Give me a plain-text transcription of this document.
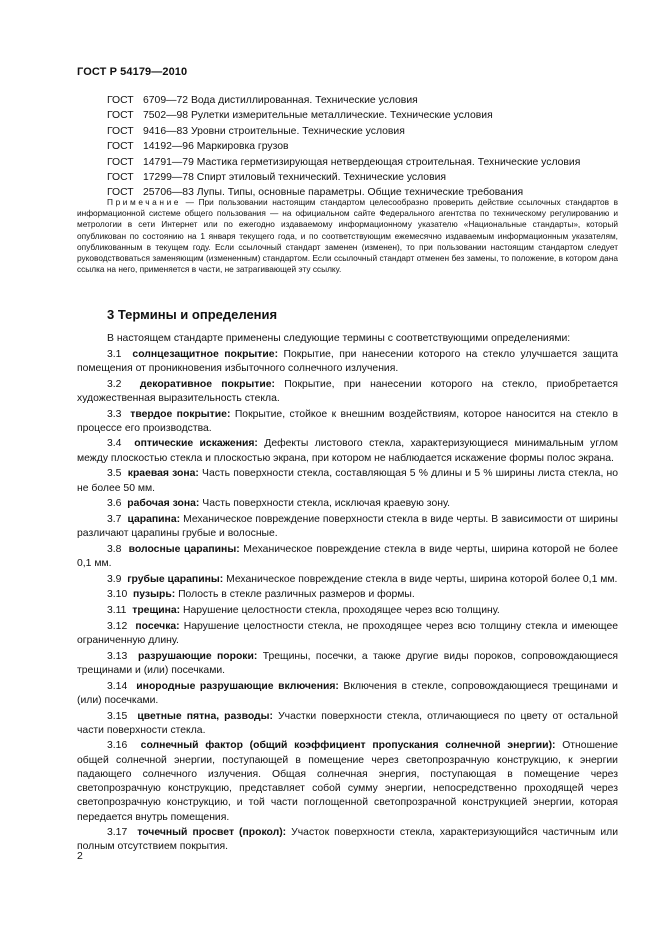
ГОСТ Р 54179—2010
ГОСТ 6709—72 Вода дистиллированная. Технические условия
ГОСТ 7502—98 Рулетки измерительные металлические. Технические условия
ГОСТ 9416—83 Уровни строительные. Технические условия
ГОСТ 14192—96 Маркировка грузов
ГОСТ 14791—79 Мастика герметизирующая нетвердеющая строительная. Технические условия
ГОСТ 17299—78 Спирт этиловый технический. Технические условия
ГОСТ 25706—83 Лупы. Типы, основные параметры. Общие технические требования
Примечание — При пользовании настоящим стандартом целесообразно проверить действие ссылочных стандартов в информационной системе общего пользования — на официальном сайте Федерального агентства по техническому регулированию и метрологии в сети Интернет или по ежегодно издаваемому информационному указателю «Национальные стандарты», который опубликован по состоянию на 1 января текущего года, и по соответствующим ежемесячно издаваемым информационным указателям, опубликованным в текущем году. Если ссылочный стандарт заменен (изменен), то при пользовании настоящим стандартом следует руководствоваться заменяющим (измененным) стандартом. Если ссылочный стандарт отменен без замены, то положение, в котором дана ссылка на него, применяется в части, не затрагивающей эту ссылку.
3 Термины и определения

В настоящем стандарте применены следующие термины с соответствующими определениями:

3.1 солнцезащитное покрытие: Покрытие, при нанесении которого на стекло улучшается защита помещения от проникновения избыточного солнечного излучения.

3.2 декоративное покрытие: Покрытие, при нанесении которого на стекло, приобретается художественная выразительность стекла.

3.3 твердое покрытие: Покрытие, стойкое к внешним воздействиям, которое наносится на стекло в процессе его производства.

3.4 оптические искажения: Дефекты листового стекла, характеризующиеся минимальным углом между плоскостью стекла и плоскостью экрана, при котором не наблюдается искажение формы полос экрана.

3.5 краевая зона: Часть поверхности стекла, составляющая 5 % длины и 5 % ширины листа стекла, но не более 50 мм.

3.6 рабочая зона: Часть поверхности стекла, исключая краевую зону.

3.7 царапина: Механическое повреждение поверхности стекла в виде черты. В зависимости от ширины различают царапины грубые и волосные.

3.8 волосные царапины: Механическое повреждение стекла в виде черты, ширина которой не более 0,1 мм.

3.9 грубые царапины: Механическое повреждение стекла в виде черты, ширина которой более 0,1 мм.

3.10 пузырь: Полость в стекле различных размеров и формы.

3.11 трещина: Нарушение целостности стекла, проходящее через всю толщину.

3.12 посечка: Нарушение целостности стекла, не проходящее через всю толщину стекла и имеющее ограниченную длину.

3.13 разрушающие пороки: Трещины, посечки, а также другие виды пороков, сопровождающиеся трещинами и (или) посечками.

3.14 инородные разрушающие включения: Включения в стекле, сопровождающиеся трещинами и (или) посечками.

3.15 цветные пятна, разводы: Участки поверхности стекла, отличающиеся по цвету от остальной части поверхности стекла.

3.16 солнечный фактор (общий коэффициент пропускания солнечной энергии): Отношение общей солнечной энергии, поступающей в помещение через светопрозрачную конструкцию, к энергии падающего солнечного излучения. Общая солнечная энергия, поступающая в помещение через светопрозрачную конструкцию, представляет собой сумму энергии, непосредственно проходящей через светопрозрачную конструкцию, и той части поглощенной светопрозрачной конструкцией энергии, которая передается внутрь помещения.

3.17 точечный просвет (прокол): Участок поверхности стекла, характеризующийся частичным или полным отсутствием покрытия.

2
